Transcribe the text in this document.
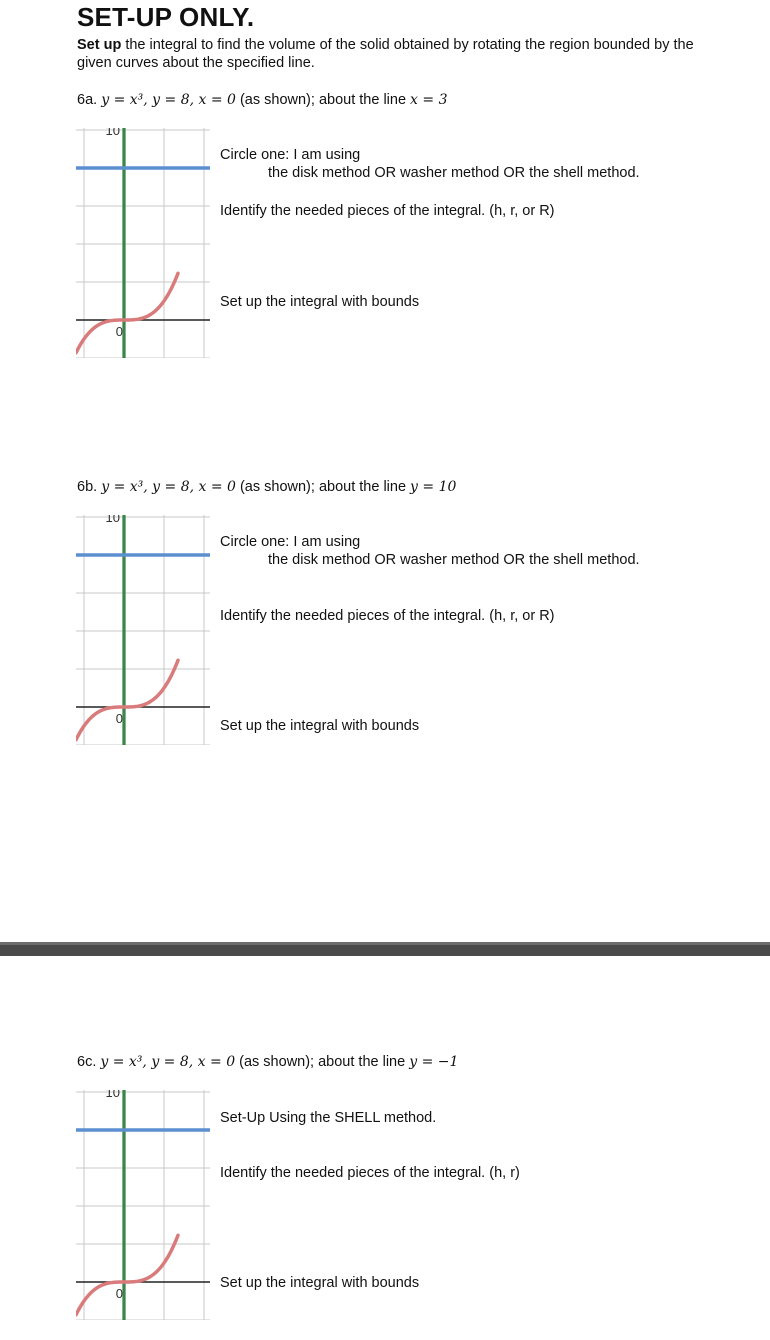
SET-UP ONLY.
Set up the integral to find the volume of the solid obtained by rotating the region bounded by the given curves about the specified line.
6a. y = x³, y = 8, x = 0 (as shown); about the line x = 3
10
0
Circle one: I am using
the disk method OR washer method OR the shell method.
Identify the needed pieces of the integral. (h, r, or R)
Set up the integral with bounds
6b. y = x³, y = 8, x = 0 (as shown); about the line y = 10
10
0
Circle one: I am using
the disk method OR washer method OR the shell method.
Identify the needed pieces of the integral. (h, r, or R)
Set up the integral with bounds
6c. y = x³, y = 8, x = 0 (as shown); about the line y = −1
10
0
Set-Up Using the SHELL method.
Identify the needed pieces of the integral. (h, r)
Set up the integral with bounds
